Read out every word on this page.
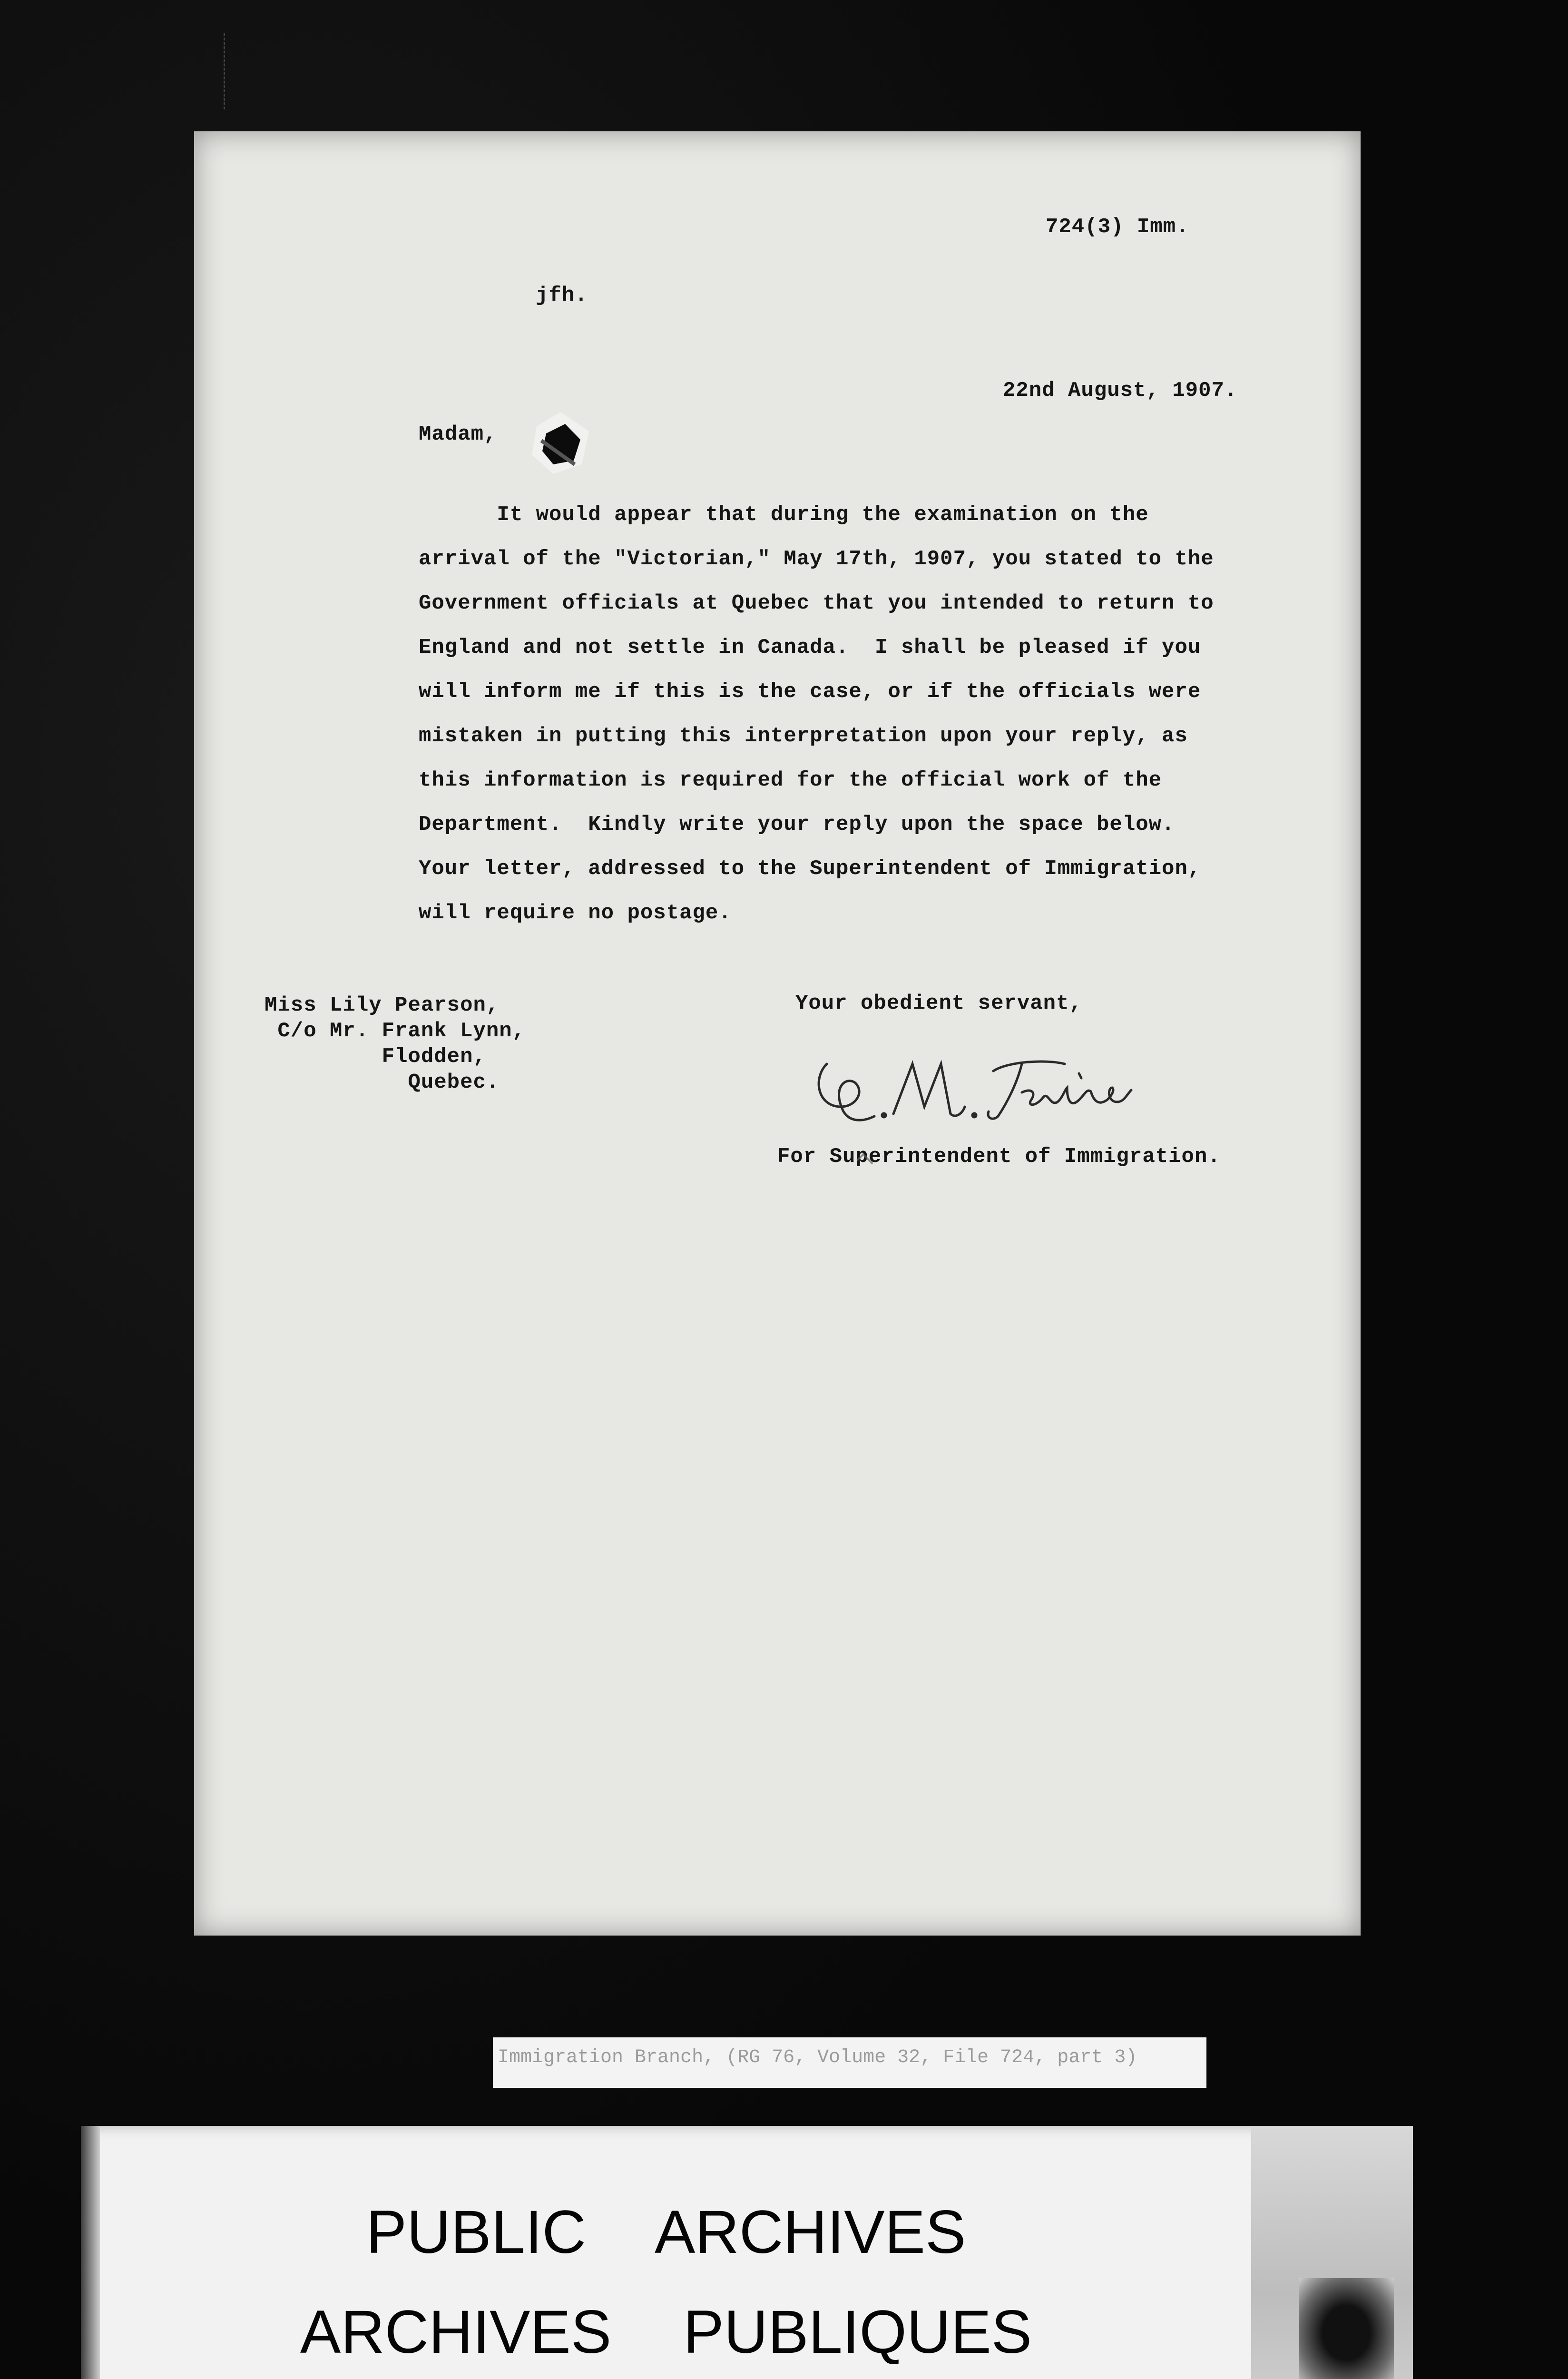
724(3) Imm.
jfh.
22nd August, 1907.
Madam,
It would appear that during the examination on the
arrival of the "Victorian," May 17th, 1907, you stated to the
Government officials at Quebec that you intended to return to
England and not settle in Canada.  I shall be pleased if you
will inform me if this is the case, or if the officials were
mistaken in putting this interpretation upon your reply, as
this information is required for the official work of the
Department.  Kindly write your reply upon the space below.
Your letter, addressed to the Superintendent of Immigration,
will require no postage.
Miss Lily Pearson,
C/o Mr. Frank Lynn,
Flodden,
Quebec.
Your obedient servant,
For Superintendent of Immigration.
Immigration Branch, (RG 76, Volume 32, File 724, part 3)
PUBLIC  ARCHIVES
ARCHIVES  PUBLIQUES
